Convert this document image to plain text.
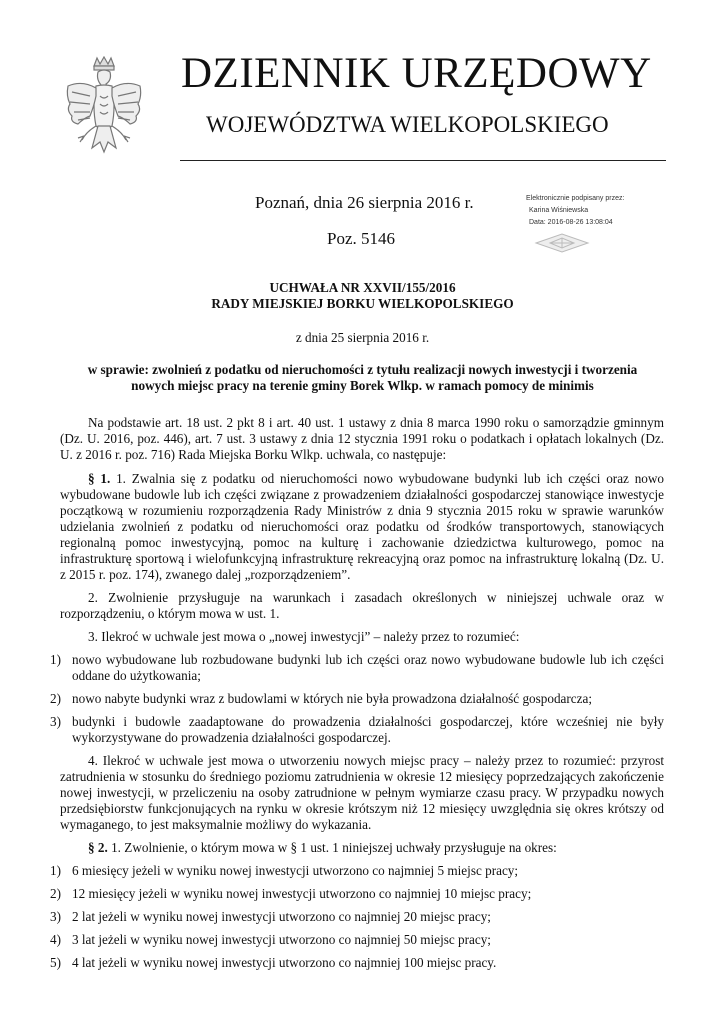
DZIENNIK URZĘDOWY
WOJEWÓDZTWA WIELKOPOLSKIEGO
Poznań, dnia 26 sierpnia 2016 r.
Poz. 5146
Elektronicznie podpisany przez:
Karina Wiśniewska
Data: 2016-08-26 13:08:04
UCHWAŁA NR XXVII/155/2016
RADY MIEJSKIEJ BORKU WIELKOPOLSKIEGO
z dnia 25 sierpnia 2016 r.
w sprawie: zwolnień z podatku od nieruchomości z tytułu realizacji nowych inwestycji i tworzenia
nowych miejsc pracy na terenie gminy Borek Wlkp. w ramach pomocy de minimis

Na podstawie art. 18 ust. 2 pkt 8 i art. 40 ust. 1 ustawy z dnia 8 marca 1990 roku o samorządzie gminnym (Dz. U. 2016, poz. 446), art. 7 ust. 3 ustawy z dnia 12 stycznia 1991 roku o podatkach i opłatach lokalnych (Dz. U. z 2016 r. poz. 716) Rada Miejska Borku Wlkp. uchwala, co następuje:

§ 1. 1. Zwalnia się z podatku od nieruchomości nowo wybudowane budynki lub ich części oraz nowo wybudowane budowle lub ich części związane z prowadzeniem działalności gospodarczej stanowiące inwestycje początkową w rozumieniu rozporządzenia Rady Ministrów z dnia 9 stycznia 2015 roku w sprawie warunków udzielania zwolnień z podatku od nieruchomości oraz podatku od środków transportowych, stanowiących regionalną pomoc inwestycyjną, pomoc na kulturę i zachowanie dziedzictwa kulturowego, pomoc na infrastrukturę sportową i wielofunkcyjną infrastrukturę rekreacyjną oraz pomoc na infrastrukturę lokalną (Dz. U. z 2015 r. poz. 174), zwanego dalej „rozporządzeniem”.

2. Zwolnienie przysługuje na warunkach i zasadach określonych w niniejszej uchwale oraz w rozporządzeniu, o którym mowa w ust. 1.

3. Ilekroć w uchwale jest mowa o „nowej inwestycji” – należy przez to rozumieć:

1) nowo wybudowane lub rozbudowane budynki lub ich części oraz nowo wybudowane budowle lub ich części oddane do użytkowania;
2) nowo nabyte budynki wraz z budowlami w których nie była prowadzona działalność gospodarcza;
3) budynki i budowle zaadaptowane do prowadzenia działalności gospodarczej, które wcześniej nie były wykorzystywane do prowadzenia działalności gospodarczej.

4. Ilekroć w uchwale jest mowa o utworzeniu nowych miejsc pracy – należy przez to rozumieć: przyrost zatrudnienia w stosunku do średniego poziomu zatrudnienia w okresie 12 miesięcy poprzedzających zakończenie nowej inwestycji, w przeliczeniu na osoby zatrudnione w pełnym wymiarze czasu pracy. W przypadku nowych przedsiębiorstw funkcjonujących na rynku w okresie krótszym niż 12 miesięcy uwzględnia się okres krótszy od wymaganego, to jest maksymalnie możliwy do wykazania.

§ 2. 1. Zwolnienie, o którym mowa w § 1 ust. 1 niniejszej uchwały przysługuje na okres:

1) 6 miesięcy jeżeli w wyniku nowej inwestycji utworzono co najmniej 5 miejsc pracy;
2) 12 miesięcy jeżeli w wyniku nowej inwestycji utworzono co najmniej 10 miejsc pracy;
3) 2 lat jeżeli w wyniku nowej inwestycji utworzono co najmniej 20 miejsc pracy;
4) 3 lat jeżeli w wyniku nowej inwestycji utworzono co najmniej 50 miejsc pracy;
5) 4 lat jeżeli w wyniku nowej inwestycji utworzono co najmniej 100 miejsc pracy.
